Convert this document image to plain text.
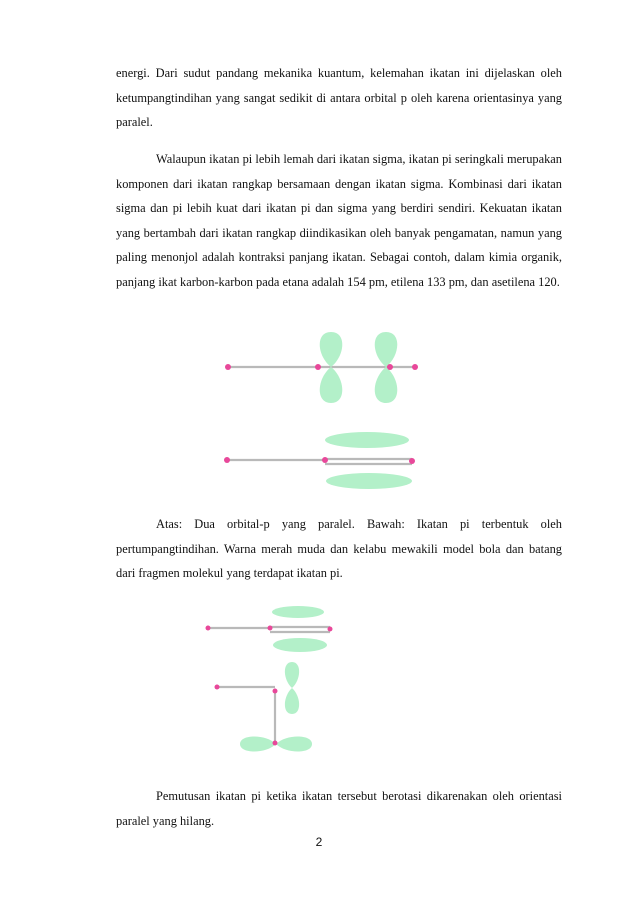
energi. Dari sudut pandang mekanika kuantum, kelemahan ikatan ini dijelaskan oleh ketumpangtindihan yang sangat sedikit di antara orbital p oleh karena orientasinya yang paralel.

Walaupun ikatan pi lebih lemah dari ikatan sigma, ikatan pi seringkali merupakan komponen dari ikatan rangkap bersamaan dengan ikatan sigma. Kombinasi dari ikatan sigma dan pi lebih kuat dari ikatan pi dan sigma yang berdiri sendiri. Kekuatan ikatan yang bertambah dari ikatan rangkap diindikasikan oleh banyak pengamatan, namun yang paling menonjol adalah kontraksi panjang ikatan. Sebagai contoh, dalam kimia organik, panjang ikat karbon-karbon pada etana adalah 154 pm, etilena 133 pm, dan asetilena 120.

Atas: Dua orbital-p yang paralel. Bawah: Ikatan pi terbentuk oleh pertumpangtindihan. Warna merah muda dan kelabu mewakili model bola dan batang dari fragmen molekul yang terdapat ikatan pi.

Pemutusan ikatan pi ketika ikatan tersebut berotasi dikarenakan oleh orientasi paralel yang hilang.

2
